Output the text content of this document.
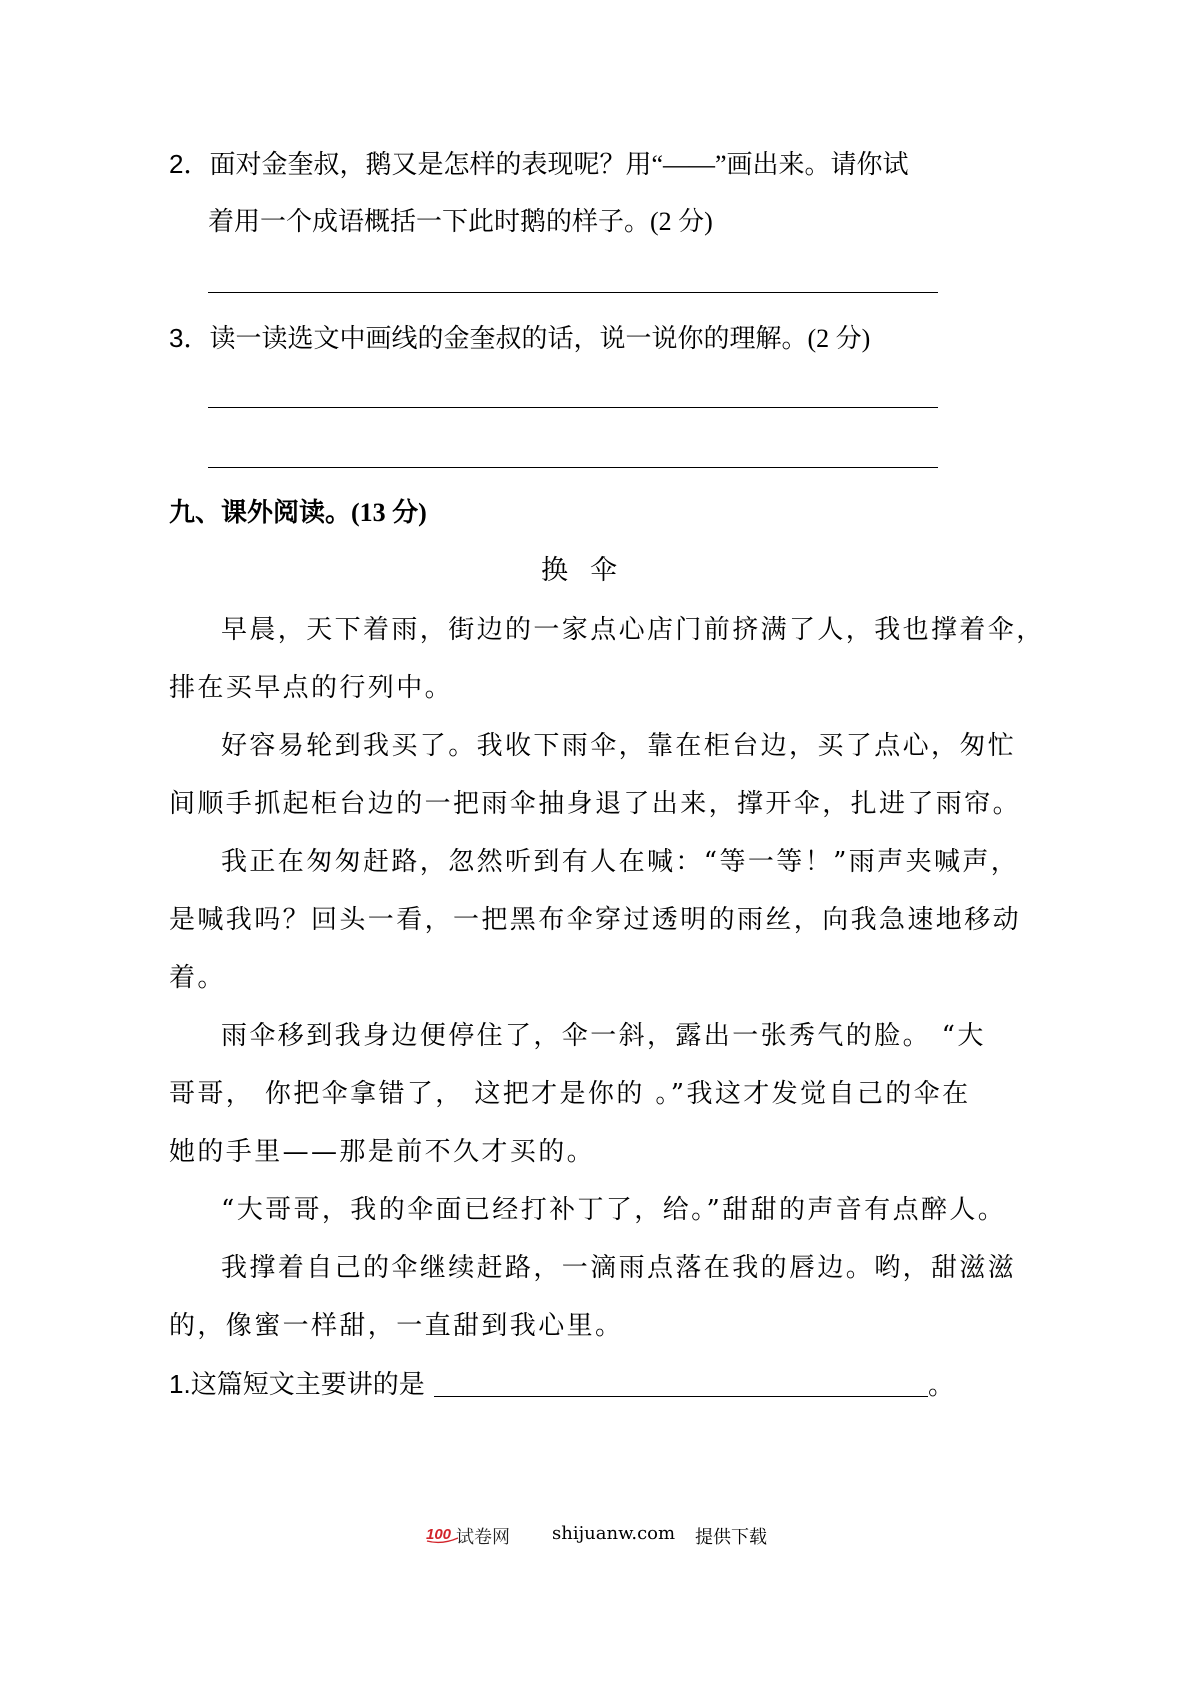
2．面对金奎叔，鹅又是怎样的表现呢？用“——”画出来。请你试
着用一个成语概括一下此时鹅的样子。(2 分)
3．读一读选文中画线的金奎叔的话，说一说你的理解。(2 分)
九、课外阅读。(13 分)
换伞
早晨，天下着雨，街边的一家点心店门前挤满了人，我也撑着伞，
排在买早点的行列中。
好容易轮到我买了。我收下雨伞，靠在柜台边，买了点心，匆忙
间顺手抓起柜台边的一把雨伞抽身退了出来，撑开伞，扎进了雨帘。
我正在匆匆赶路，忽然听到有人在喊：“等一等！”雨声夹喊声，
是喊我吗？回头一看，一把黑布伞穿过透明的雨丝，向我急速地移动
着。
雨伞移到我身边便停住了，伞一斜，露出一张秀气的脸。 “大
哥哥， 你把伞拿错了， 这把才是你的 。”我这才发觉自己的伞在
她的手里——那是前不久才买的。
“大哥哥，我的伞面已经打补丁了，给。”甜甜的声音有点醉人。
我撑着自己的伞继续赶路，一滴雨点落在我的唇边。哟，甜滋滋
的，像蜜一样甜，一直甜到我心里。
1.这篇短文主要讲的是	。
100 试卷网 shijuanw.com 提供下载
